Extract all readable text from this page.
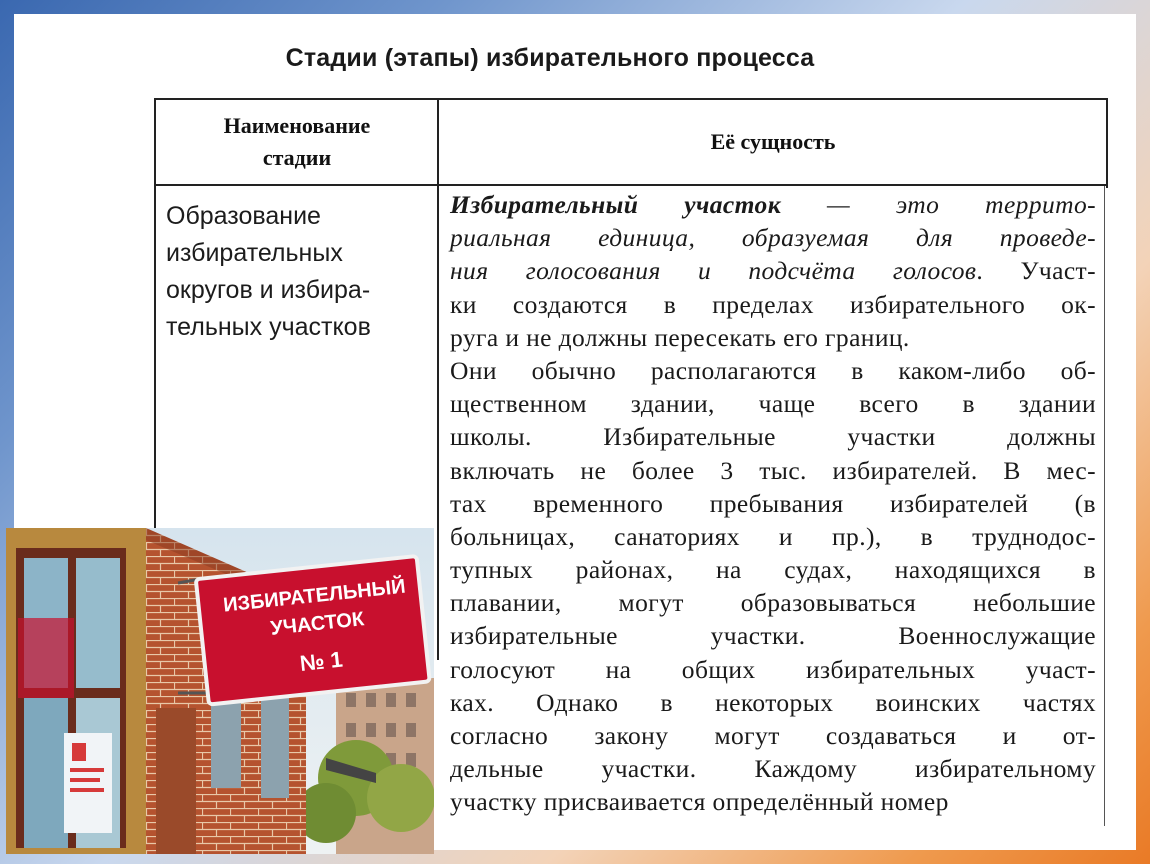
Стадии (этапы) избирательного процесса
Наименование
стадии
Её сущность
Образование
избирательных
округов и избира-
тельных участков
Избирательный участок — это террито-
риальная единица, образуемая для проведе-
ния голосования и подсчёта голосов. Участ-
ки создаются в пределах избирательного ок-
руга и не должны пересекать его границ.
Они обычно располагаются в каком-либо об-
щественном здании, чаще всего в здании
школы. Избирательные участки должны
включать не более 3 тыс. избирателей. В мес-
тах временного пребывания избирателей (в
больницах, санаториях и пр.), в труднодос-
тупных районах, на судах, находящихся в
плавании, могут образовываться небольшие
избирательные участки. Военнослужащие
голосуют на общих избирательных участ-
ках. Однако в некоторых воинских частях
согласно закону могут создаваться и от-
дельные участки. Каждому избирательному
участку присваивается определённый номер
ИЗБИРАТЕЛЬНЫЙ
УЧАСТОК
№ 1
